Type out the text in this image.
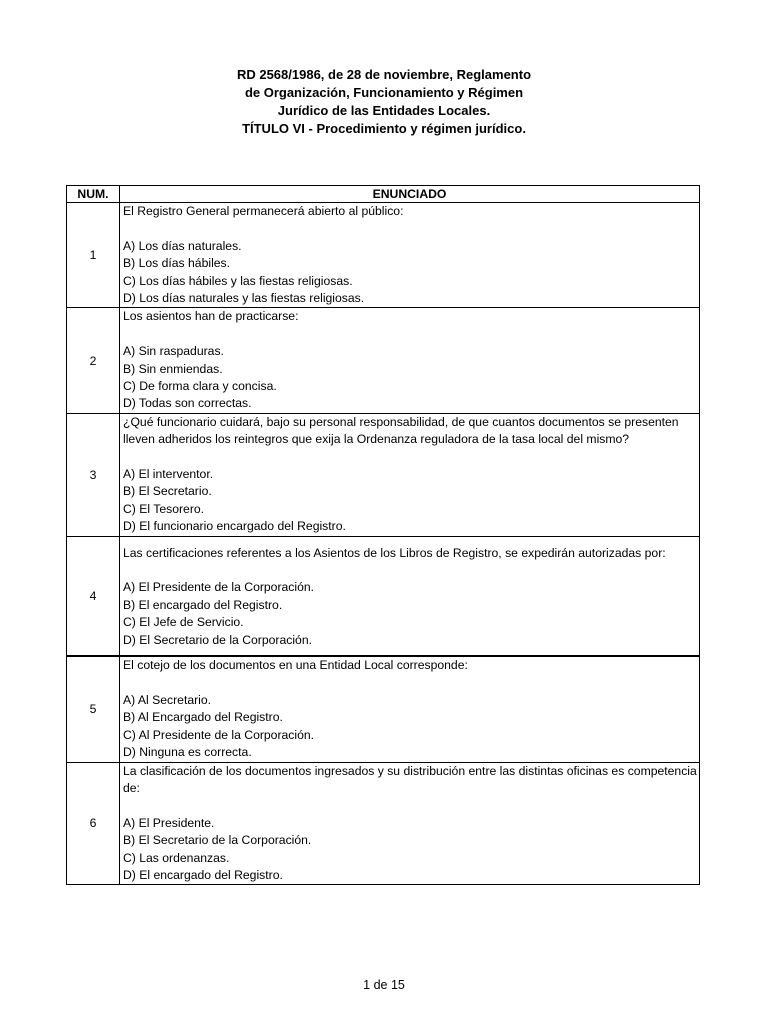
RD 2568/1986, de 28 de noviembre, Reglamento
de Organización, Funcionamiento y Régimen
Jurídico de las Entidades Locales.
TÍTULO VI - Procedimiento y régimen jurídico.
NUM.	ENUNCIADO
1	El Registro General permanecerá abierto al público:
A) Los días naturales.
B) Los días hábiles.
C) Los días hábiles y las fiestas religiosas.
D) Los días naturales y las fiestas religiosas.

2	Los asientos han de practicarse:
A) Sin raspaduras.
B) Sin enmiendas.
C) De forma clara y concisa.
D) Todas son correctas.

3	¿Qué funcionario cuidará, bajo su personal responsabilidad, de que cuantos documentos se presenten lleven adheridos los reintegros que exija la Ordenanza reguladora de la tasa local del mismo?
A) El interventor.
B) El Secretario.
C) El Tesorero.
D) El funcionario encargado del Registro.

4	Las certificaciones referentes a los Asientos de los Libros de Registro, se expedirán autorizadas por:
A) El Presidente de la Corporación.
B) El encargado del Registro.
C) El Jefe de Servicio.
D) El Secretario de la Corporación.

5	El cotejo de los documentos en una Entidad Local corresponde:
A) Al Secretario.
B) Al Encargado del Registro.
C) Al Presidente de la Corporación.
D) Ninguna es correcta.

6	La clasificación de los documentos ingresados y su distribución entre las distintas oficinas es competencia de:
A) El Presidente.
B) El Secretario de la Corporación.
C) Las ordenanzas.
D) El encargado del Registro.
1 de 15
